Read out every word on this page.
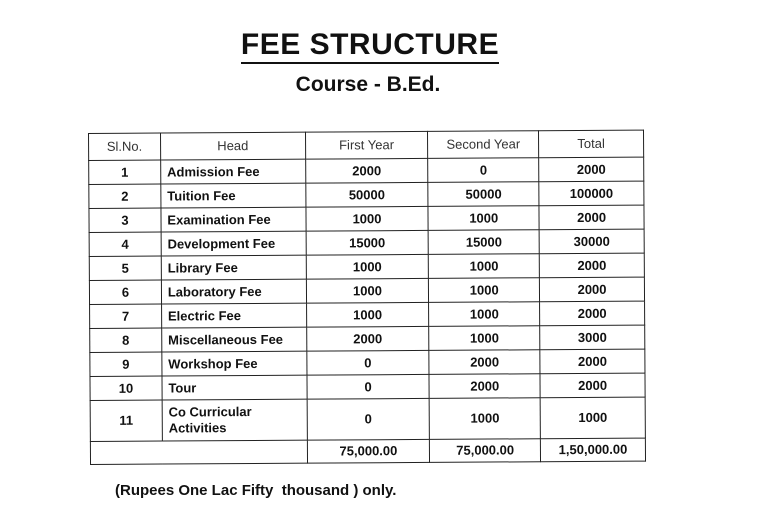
FEE STRUCTURE
Course - B.Ed.
Sl.No.	Head	First Year	Second Year	Total
1	Admission Fee	2000	0	2000
2	Tuition Fee	50000	50000	100000
3	Examination Fee	1000	1000	2000
4	Development Fee	15000	15000	30000
5	Library Fee	1000	1000	2000
6	Laboratory Fee	1000	1000	2000
7	Electric Fee	1000	1000	2000
8	Miscellaneous Fee	2000	1000	3000
9	Workshop Fee	0	2000	2000
10	Tour	0	2000	2000
11	Co Curricular Activities	0	1000	1000
		75,000.00	75,000.00	1,50,000.00
(Rupees One Lac Fifty  thousand ) only.
